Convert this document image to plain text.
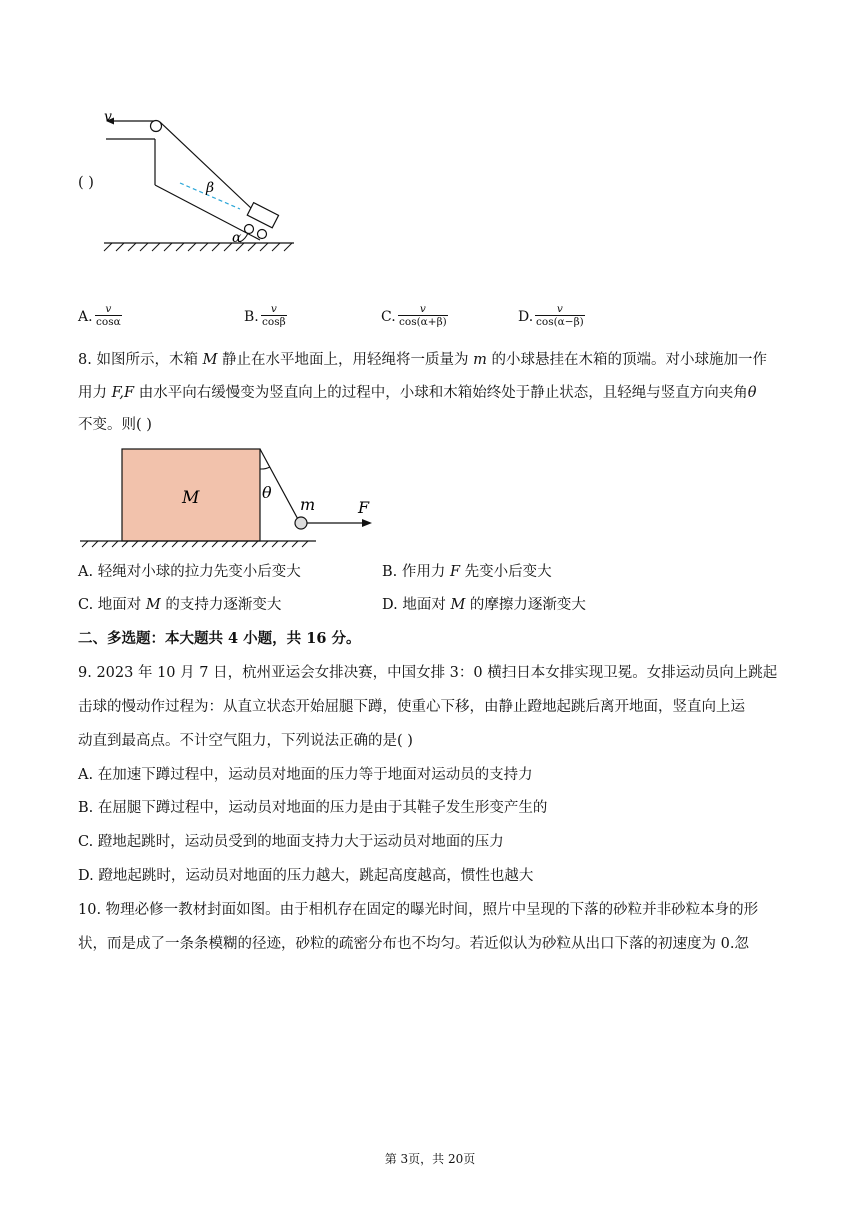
v
β
α
( )
A. $\frac{v}{\cos\alpha}$	B. $\frac{v}{\cos\beta}$	C. $\frac{v}{\cos(\alpha+\beta)}$	D. $\frac{v}{\cos(\alpha-\beta)}$
8. 如图所示，木箱 M 静止在水平地面上，用轻绳将一质量为 m 的小球悬挂在木箱的顶端。对小球施加一作
用力 F,F 由水平向右缓慢变为竖直向上的过程中，小球和木箱始终处于静止状态，且轻绳与竖直方向夹角θ
不变。则( )
M	θ
m	F
A. 轻绳对小球的拉力先变小后变大	B. 作用力 F 先变小后变大
C. 地面对 M 的支持力逐渐变大	D. 地面对 M 的摩擦力逐渐变大
二、多选题：本大题共 4 小题，共 16 分。
9. 2023 年 10 月 7 日，杭州亚运会女排决赛，中国女排 3：0 横扫日本女排实现卫冕。女排运动员向上跳起
击球的慢动作过程为：从直立状态开始屈腿下蹲，使重心下移，由静止蹬地起跳后离开地面，竖直向上运
动直到最高点。不计空气阻力，下列说法正确的是( )
A. 在加速下蹲过程中，运动员对地面的压力等于地面对运动员的支持力
B. 在屈腿下蹲过程中，运动员对地面的压力是由于其鞋子发生形变产生的
C. 蹬地起跳时，运动员受到的地面支持力大于运动员对地面的压力
D. 蹬地起跳时，运动员对地面的压力越大，跳起高度越高，惯性也越大
10. 物理必修一教材封面如图。由于相机存在固定的曝光时间，照片中呈现的下落的砂粒并非砂粒本身的形
状，而是成了一条条模糊的径迹，砂粒的疏密分布也不均匀。若近似认为砂粒从出口下落的初速度为 0.忽
第 3页，共 20页
